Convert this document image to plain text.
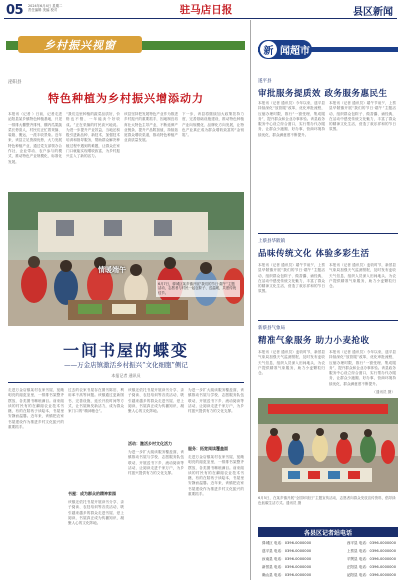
05 2024年6月4日 星期二
责任编辑 美编 校对	驻马店日报	县区新闻
乡村振兴视窗
泌阳县
特色种植为乡村振兴增添动力
本报讯（记者 ）日前，记者走进泌阳县某乡镇特色种植基地，只见一排排大棚整齐排列，棚内瓜果蔬菜长势喜人，村民们正忙着采摘、装箱、搬运，一派丰收景象。近年来，该县立足资源优势，大力发展特色种植产业，通过党支部领办合作社、企业带动、农户参与的模式，推动特色产业规模化、标准化发展。
“我们这里种植的蔬菜品质好，价格也不错，一年能卖个好收成。”正在采摘的村民高兴地说。为进一步提升产业效益，当地还积极引进新品种、新技术，加强技术培训和指导服务，帮助群众解决种植过程中遇到的难题，让群众在家门口就能实现增收致富，为乡村振兴注入了新的活力。
该县坚持把发展特色产业作为推进乡村振兴的重要抓手，因地制宜培育壮大特色主导产业，不断延伸产业链条，提升产品附加值，持续拓宽群众增收渠道，推动特色种植产业高质量发展。
下一步，该县将继续加大政策扶持力度，完善基础设施建设，推动特色种植产业向规模化、品牌化方向发展，让特色产业真正成为群众增收致富的“金钥匙”。
情暖端午
6月7日，驿城区某乡镇开展“我们的节日·端午”主题活动，志愿者与村民一起包粽子、送温暖，共度传统佳节。
一间书屋的蝶变
——万金店镇激活乡村振兴“文化细胞”侧记
本报记者 通讯员
走进万金店镇某村农家书屋，宽敞明亮的阅览室里，一排排书架整齐摆放，各类图书琳琅满目。前来阅读的村民有的在翻阅农业技术书籍，有的在陪孩子读绘本，书屋里安静而温馨。近年来，该镇把农家书屋建设作为推进乡村文化振兴的重要抓手。
过去的农家书屋存在图书陈旧、利用率不高等问题。该镇通过更新图书、完善设施、延长开放时间等方式，让书屋焕发新活力，成为群众家门口的“精神粮仓”。
书屋：成为群众的精神家园
该镇还依托书屋开展读书分享、亲子阅读、农技培训等各类活动，吸引越来越多的群众走进书屋、爱上阅读，书屋真正成为传播知识、凝聚人心的文化阵地。
该镇还依托书屋开展读书分享、亲子阅读、农技培训等各类活动，吸引越来越多的群众走进书屋、爱上阅读，书屋真正成为传播知识、凝聚人心的文化阵地。
活动：激活乡村文化活力
为进一步扩大阅读服务覆盖面，该镇推动书屋与学校、志愿服务队伍联动，开展送书下乡、流动阅读等活动，让阅读走进千家万户，为乡村振兴提供有力的文化支撑。
为进一步扩大阅读服务覆盖面，该镇推动书屋与学校、志愿服务队伍联动，开展送书下乡、流动阅读等活动，让阅读走进千家万户，为乡村振兴提供有力的文化支撑。
服务：拓宽阅读覆盖面
走进万金店镇某村农家书屋，宽敞明亮的阅览室里，一排排书架整齐摆放，各类图书琳琅满目。前来阅读的村民有的在翻阅农业技术书籍，有的在陪孩子读绘本，书屋里安静而温馨。近年来，该镇把农家书屋建设作为推进乡村文化振兴的重要抓手。
新 闻超市
遂平县
审批服务提质效 政务服务惠民生
本报讯（记者 通讯员）今年以来，遂平县持续深化“放管服”改革，优化审批流程，压缩办理时限，推行“一窗受理、集成服务”，提升群众和企业办事体验。该县政务服务中心设立综合窗口，实行帮办代办服务，让群众少跑腿、好办事，营商环境持续优化，群众满意度不断提升。
本报讯（记者 通讯员）端午节前夕，上蔡县华陂镇开展“我们的节日·端午”主题活动，组织群众包粽子、做香囊、诵经典，在活动中感受传统文化魅力，丰富了群众的精神文化生活，营造了欢乐祥和的节日氛围。
上蔡县华陂镇
品味传统文化 体验多彩生活
本报讯（记者 通讯员）端午节前夕，上蔡县华陂镇开展“我们的节日·端午”主题活动，组织群众包粽子、做香囊、诵经典，在活动中感受传统文化魅力，丰富了群众的精神文化生活，营造了欢乐祥和的节日氛围。
本报讯（记者 通讯员）麦收时节，新蔡县气象局加强天气监测预报，及时发布麦收天气信息，组织人员深入田间地头，为农户提供精准气象服务，助力小麦颗粒归仓。
新蔡县气象局
精准气象服务 助力小麦抢收
本报讯（记者 通讯员）麦收时节，新蔡县气象局加强天气监测预报，及时发布麦收天气信息，组织人员深入田间地头，为农户提供精准气象服务，助力小麦颗粒归仓。
本报讯（记者 通讯员）今年以来，遂平县持续深化“放管服”改革，优化审批流程，压缩办理时限，推行“一窗受理、集成服务”，提升群众和企业办事体验。该县政务服务中心设立综合窗口，实行帮办代办服务，让群众少跑腿、好办事，营商环境持续优化，群众满意度不断提升。
（通讯员 摄）
6月5日，在某乡镇开展“全国环境日”主题宣传活动，志愿者向群众发放宣传资料，倡导绿色低碳生活方式。通讯员 摄
各县区记者站电话
驿城区 电话：0396-0000000	西平县 电话：0396-0000000
遂平县 电话：0396-0000000	上蔡县 电话：0396-0000000
汝南县 电话：0396-0000000	平舆县 电话：0396-0000000
新蔡县 电话：0396-0000000	正阳县 电话：0396-0000000
确山县 电话：0396-0000000	泌阳县 电话：0396-0000000
